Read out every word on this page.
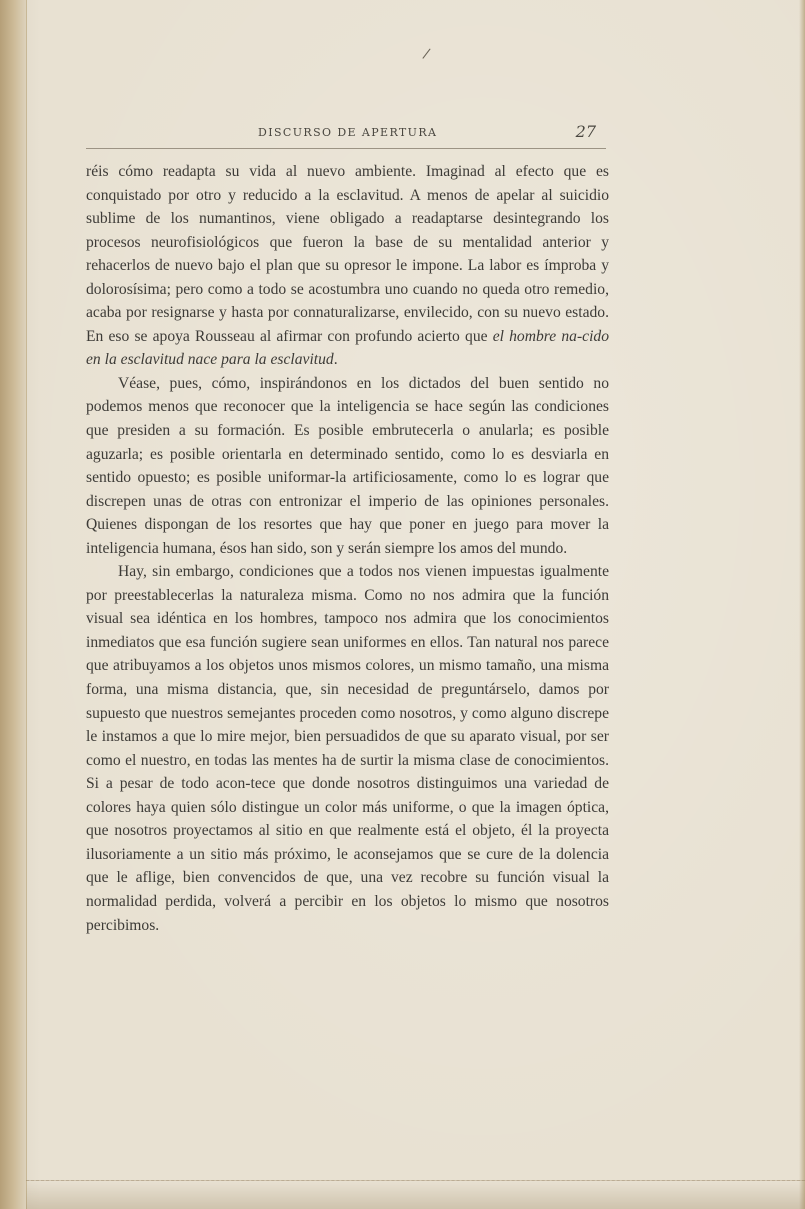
/
DISCURSO DE APERTURA	27

réis cómo readapta su vida al nuevo ambiente. Imaginad al efecto que es conquistado por otro y reducido a la esclavitud. A menos de apelar al suicidio sublime de los numantinos, viene obligado a readaptarse desintegrando los procesos neurofisiológicos que fueron la base de su mentalidad anterior y rehacerlos de nuevo bajo el plan que su opresor le impone. La labor es ímproba y dolorosísima; pero como a todo se acostumbra uno cuando no queda otro remedio, acaba por resignarse y hasta por connaturalizarse, envilecido, con su nuevo estado. En eso se apoya Rousseau al afirmar con profundo acierto que el hombre na-cido en la esclavitud nace para la esclavitud.

Véase, pues, cómo, inspirándonos en los dictados del buen sentido no podemos menos que reconocer que la inteligencia se hace según las condiciones que presiden a su formación. Es posible embrutecerla o anularla; es posible aguzarla; es posible orientarla en determinado sentido, como lo es desviarla en sentido opuesto; es posible uniformar-la artificiosamente, como lo es lograr que discrepen unas de otras con entronizar el imperio de las opiniones personales. Quienes dispongan de los resortes que hay que poner en juego para mover la inteligencia humana, ésos han sido, son y serán siempre los amos del mundo.

Hay, sin embargo, condiciones que a todos nos vienen impuestas igualmente por preestablecerlas la naturaleza misma. Como no nos admira que la función visual sea idéntica en los hombres, tampoco nos admira que los conocimientos inmediatos que esa función sugiere sean uniformes en ellos. Tan natural nos parece que atribuyamos a los objetos unos mismos colores, un mismo tamaño, una misma forma, una misma distancia, que, sin necesidad de preguntárselo, damos por supuesto que nuestros semejantes proceden como nosotros, y como alguno discrepe le instamos a que lo mire mejor, bien persuadidos de que su aparato visual, por ser como el nuestro, en todas las mentes ha de surtir la misma clase de conocimientos. Si a pesar de todo acon-tece que donde nosotros distinguimos una variedad de colores haya quien sólo distingue un color más uniforme, o que la imagen óptica, que nosotros proyectamos al sitio en que realmente está el objeto, él la proyecta ilusoriamente a un sitio más próximo, le aconsejamos que se cure de la dolencia que le aflige, bien convencidos de que, una vez recobre su función visual la normalidad perdida, volverá a percibir en los objetos lo mismo que nosotros percibimos.
